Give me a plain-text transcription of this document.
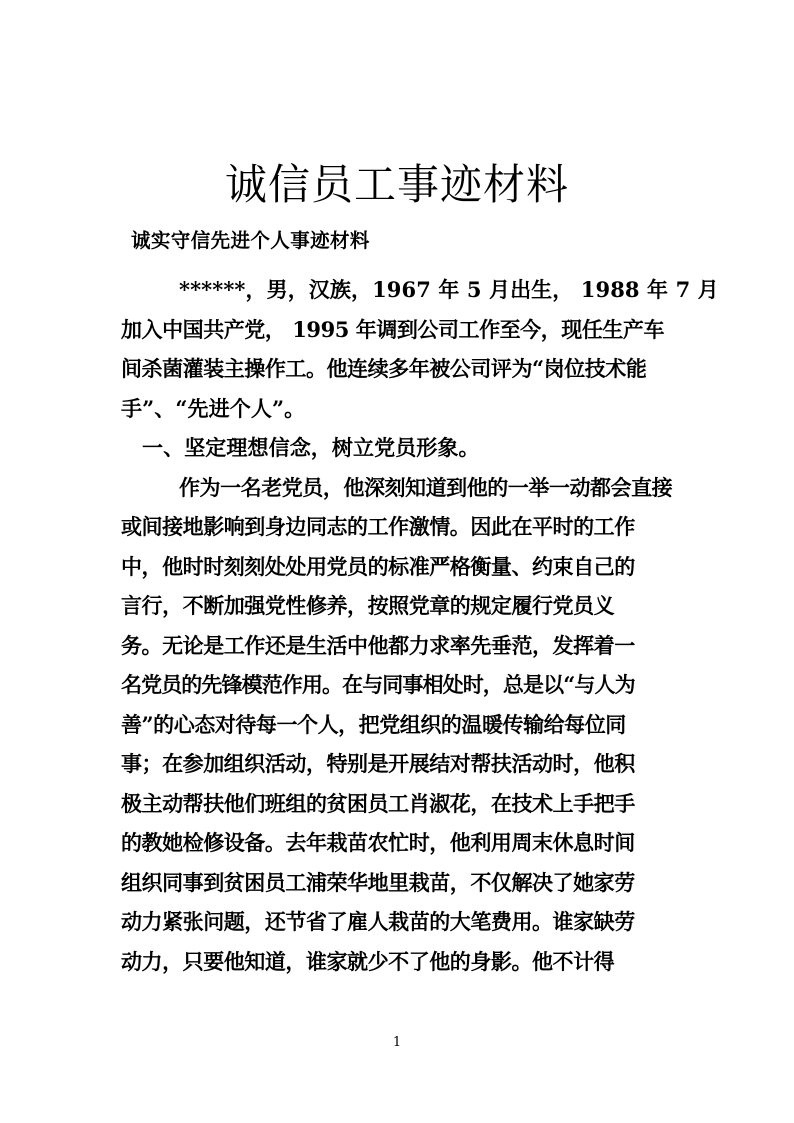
诚信员工事迹材料
诚实守信先进个人事迹材料
******，男，汉族，1967 年 5 月出生， 1988 年 7 月
加入中国共产党， 1995 年调到公司工作至今，现任生产车
间杀菌灌装主操作工。他连续多年被公司评为“岗位技术能
手”、“先进个人”。
一、坚定理想信念，树立党员形象。
作为一名老党员，他深刻知道到他的一举一动都会直接
或间接地影响到身边同志的工作激情。因此在平时的工作
中，他时时刻刻处处用党员的标准严格衡量、约束自己的
言行，不断加强党性修养，按照党章的规定履行党员义
务。无论是工作还是生活中他都力求率先垂范，发挥着一
名党员的先锋模范作用。在与同事相处时，总是以“与人为
善”的心态对待每一个人，把党组织的温暖传输给每位同
事；在参加组织活动，特别是开展结对帮扶活动时，他积
极主动帮扶他们班组的贫困员工肖淑花，在技术上手把手
的教她检修设备。去年栽苗农忙时，他利用周末休息时间
组织同事到贫困员工浦荣华地里栽苗，不仅解决了她家劳
动力紧张问题，还节省了雇人栽苗的大笔费用。谁家缺劳
动力，只要他知道，谁家就少不了他的身影。他不计得
1
